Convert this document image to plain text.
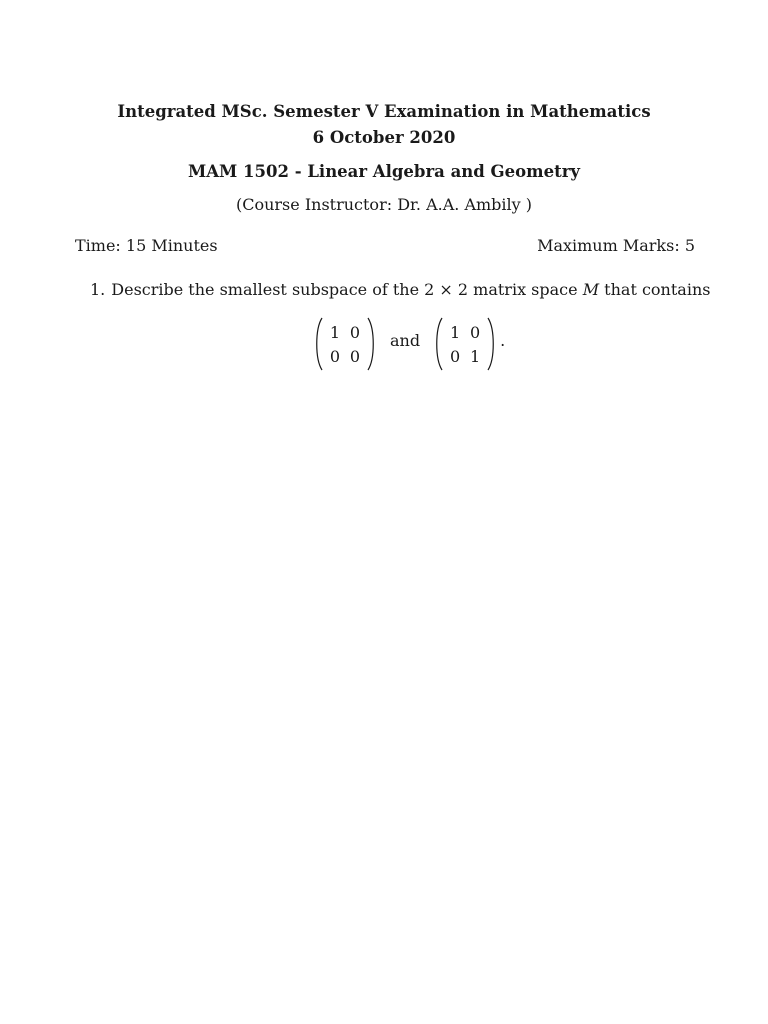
Integrated MSc. Semester V Examination in Mathematics
6 October 2020
MAM 1502 - Linear Algebra and Geometry
(Course Instructor: Dr. A.A. Ambily )
Time: 15 Minutes	Maximum Marks: 5
1. Describe the smallest subspace of the 2 × 2 matrix space M that contains
1 0
0 0
and 1 0
0 1
.
